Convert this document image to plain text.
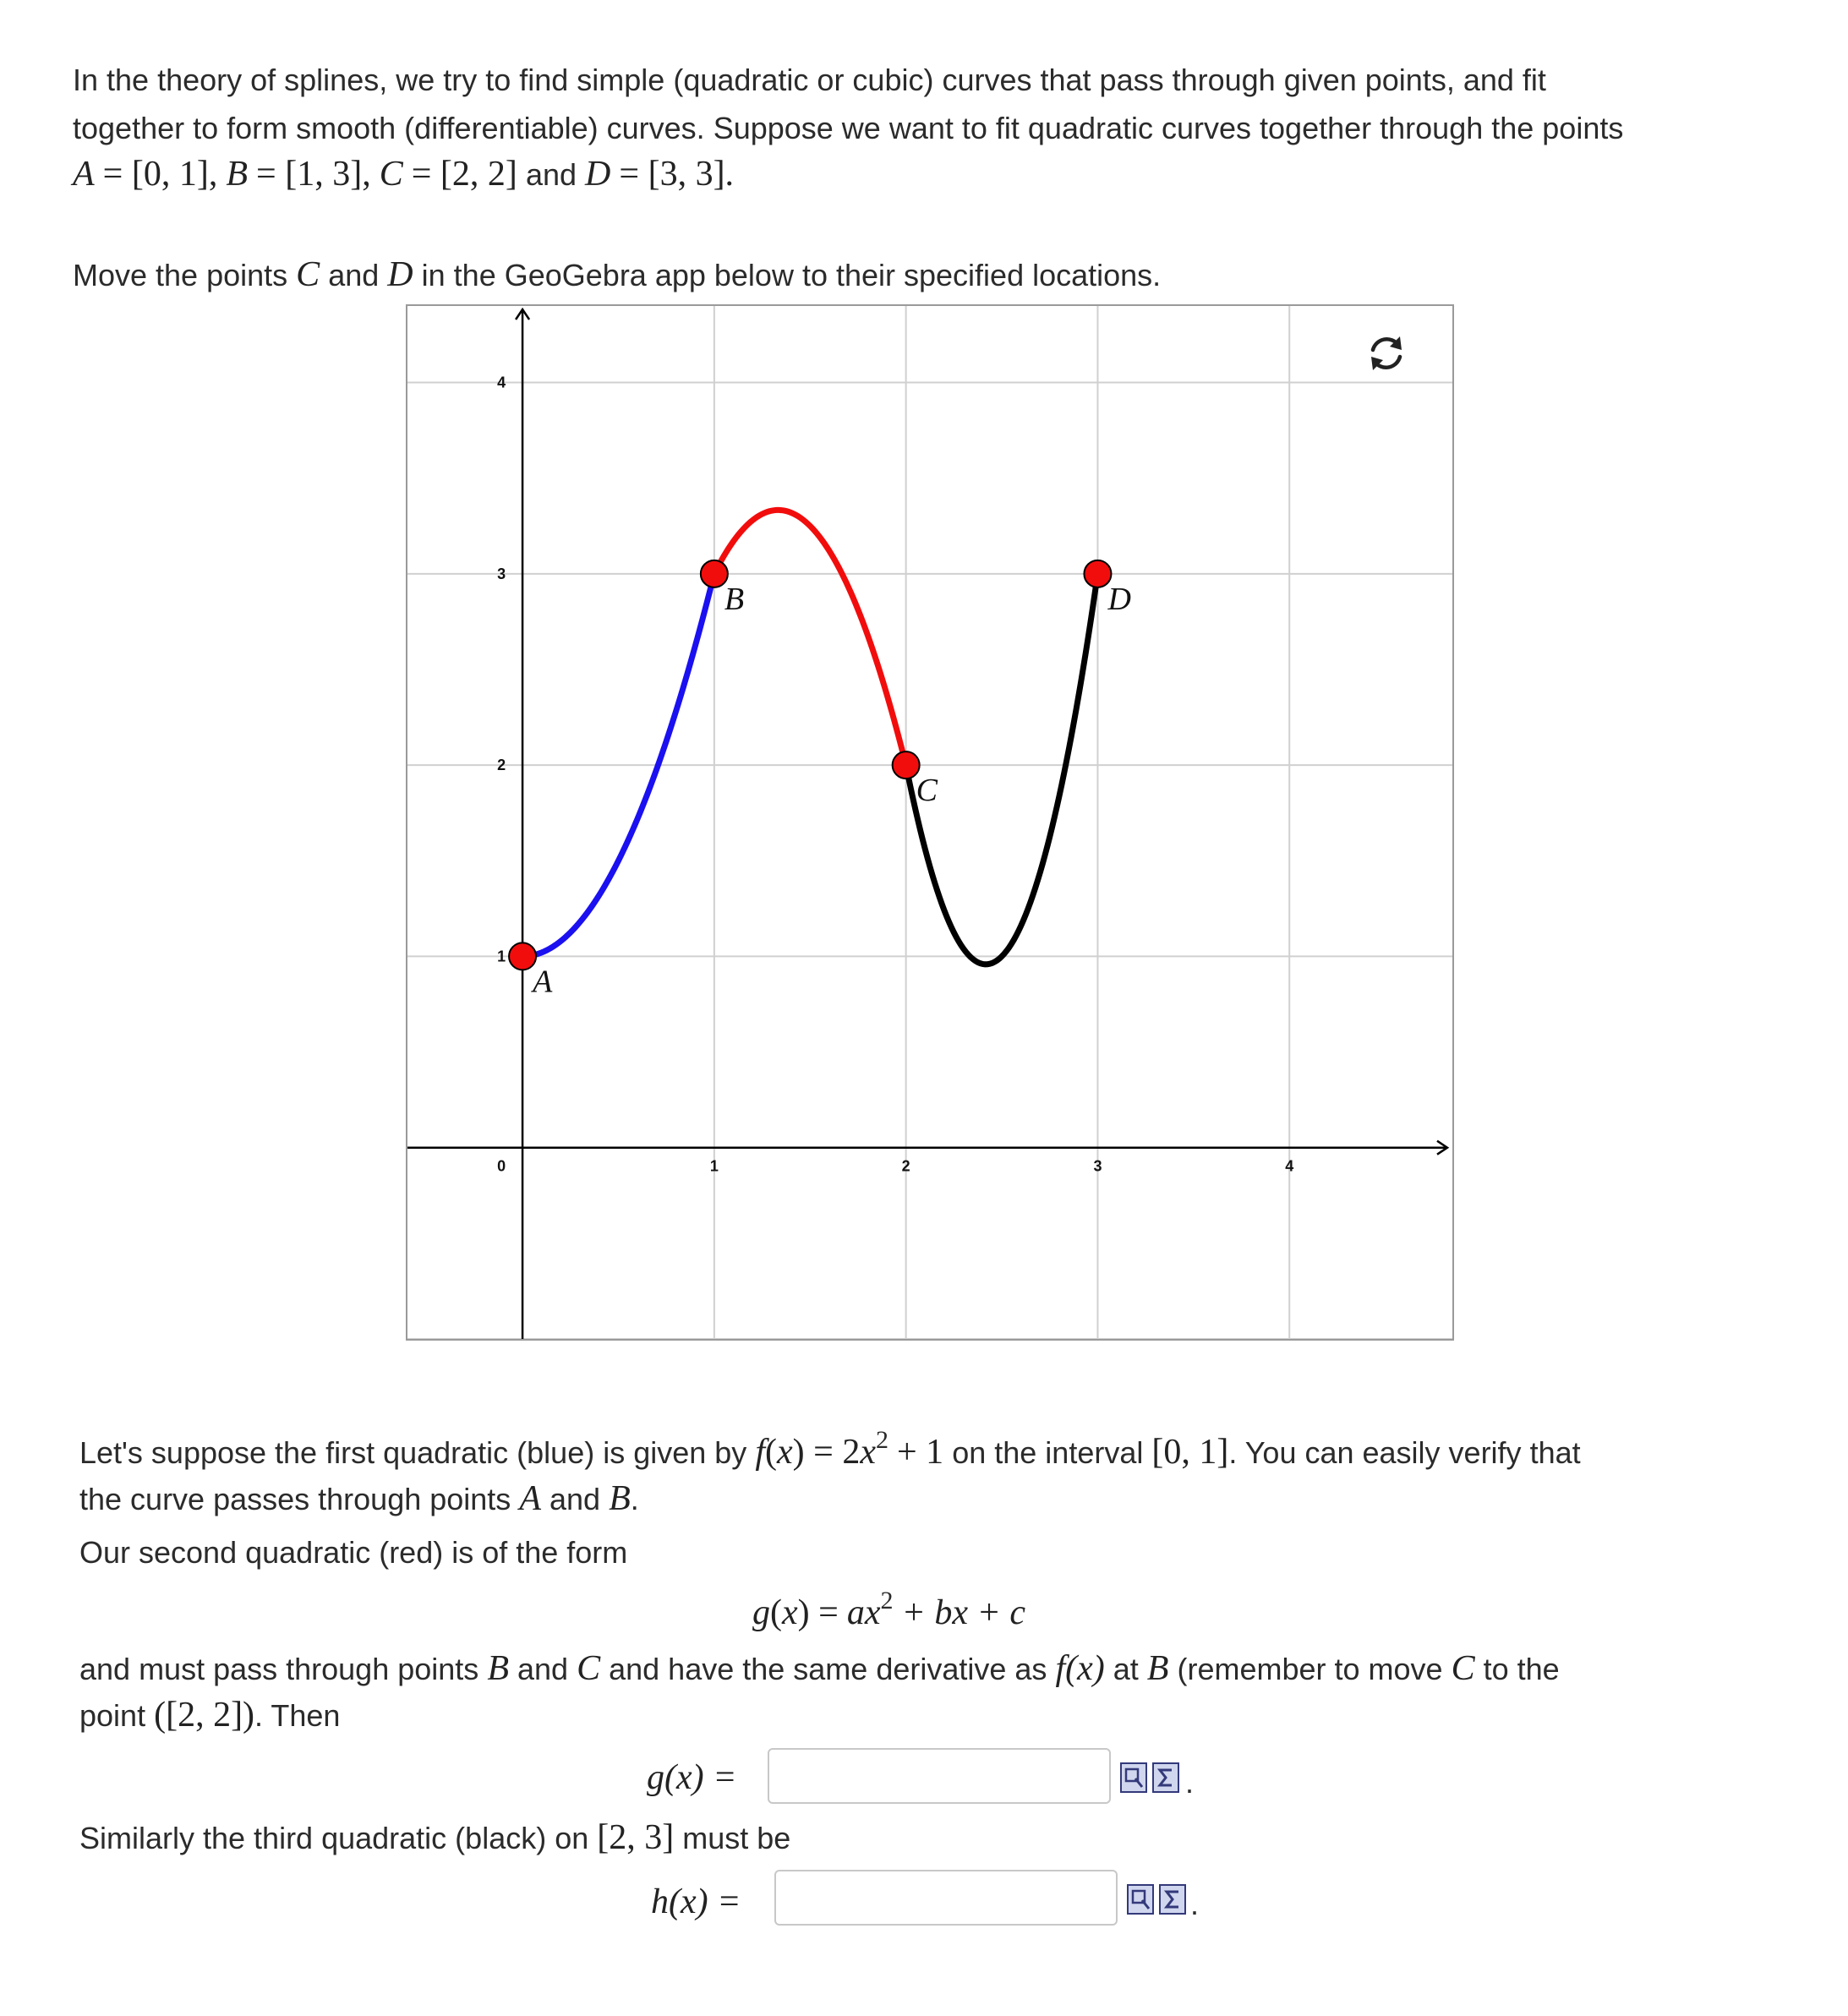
In the theory of splines, we try to find simple (quadratic or cubic) curves that pass through given points, and fit
together to form smooth (differentiable) curves. Suppose we want to fit quadratic curves together through the points
A = [0, 1], B = [1, 3], C = [2, 2] and D = [3, 3].
Move the points C and D in the GeoGebra app below to their specified locations.
0	1	2	3	4
1
2
3
4
A
B
C
D
Let's suppose the first quadratic (blue) is given by $f(x) = 2x^2 + 1$ on the interval [0, 1]. You can easily verify that
the curve passes through points A and B.
Our second quadratic (red) is of the form
$g(x) = ax^2$ + bx + c
and must pass through points B and C and have the same derivative as f(x) at B (remember to move C to the
point ([2, 2]). Then
g(x) =	.
Similarly the third quadratic (black) on [2, 3] must be
h(x) =	.
